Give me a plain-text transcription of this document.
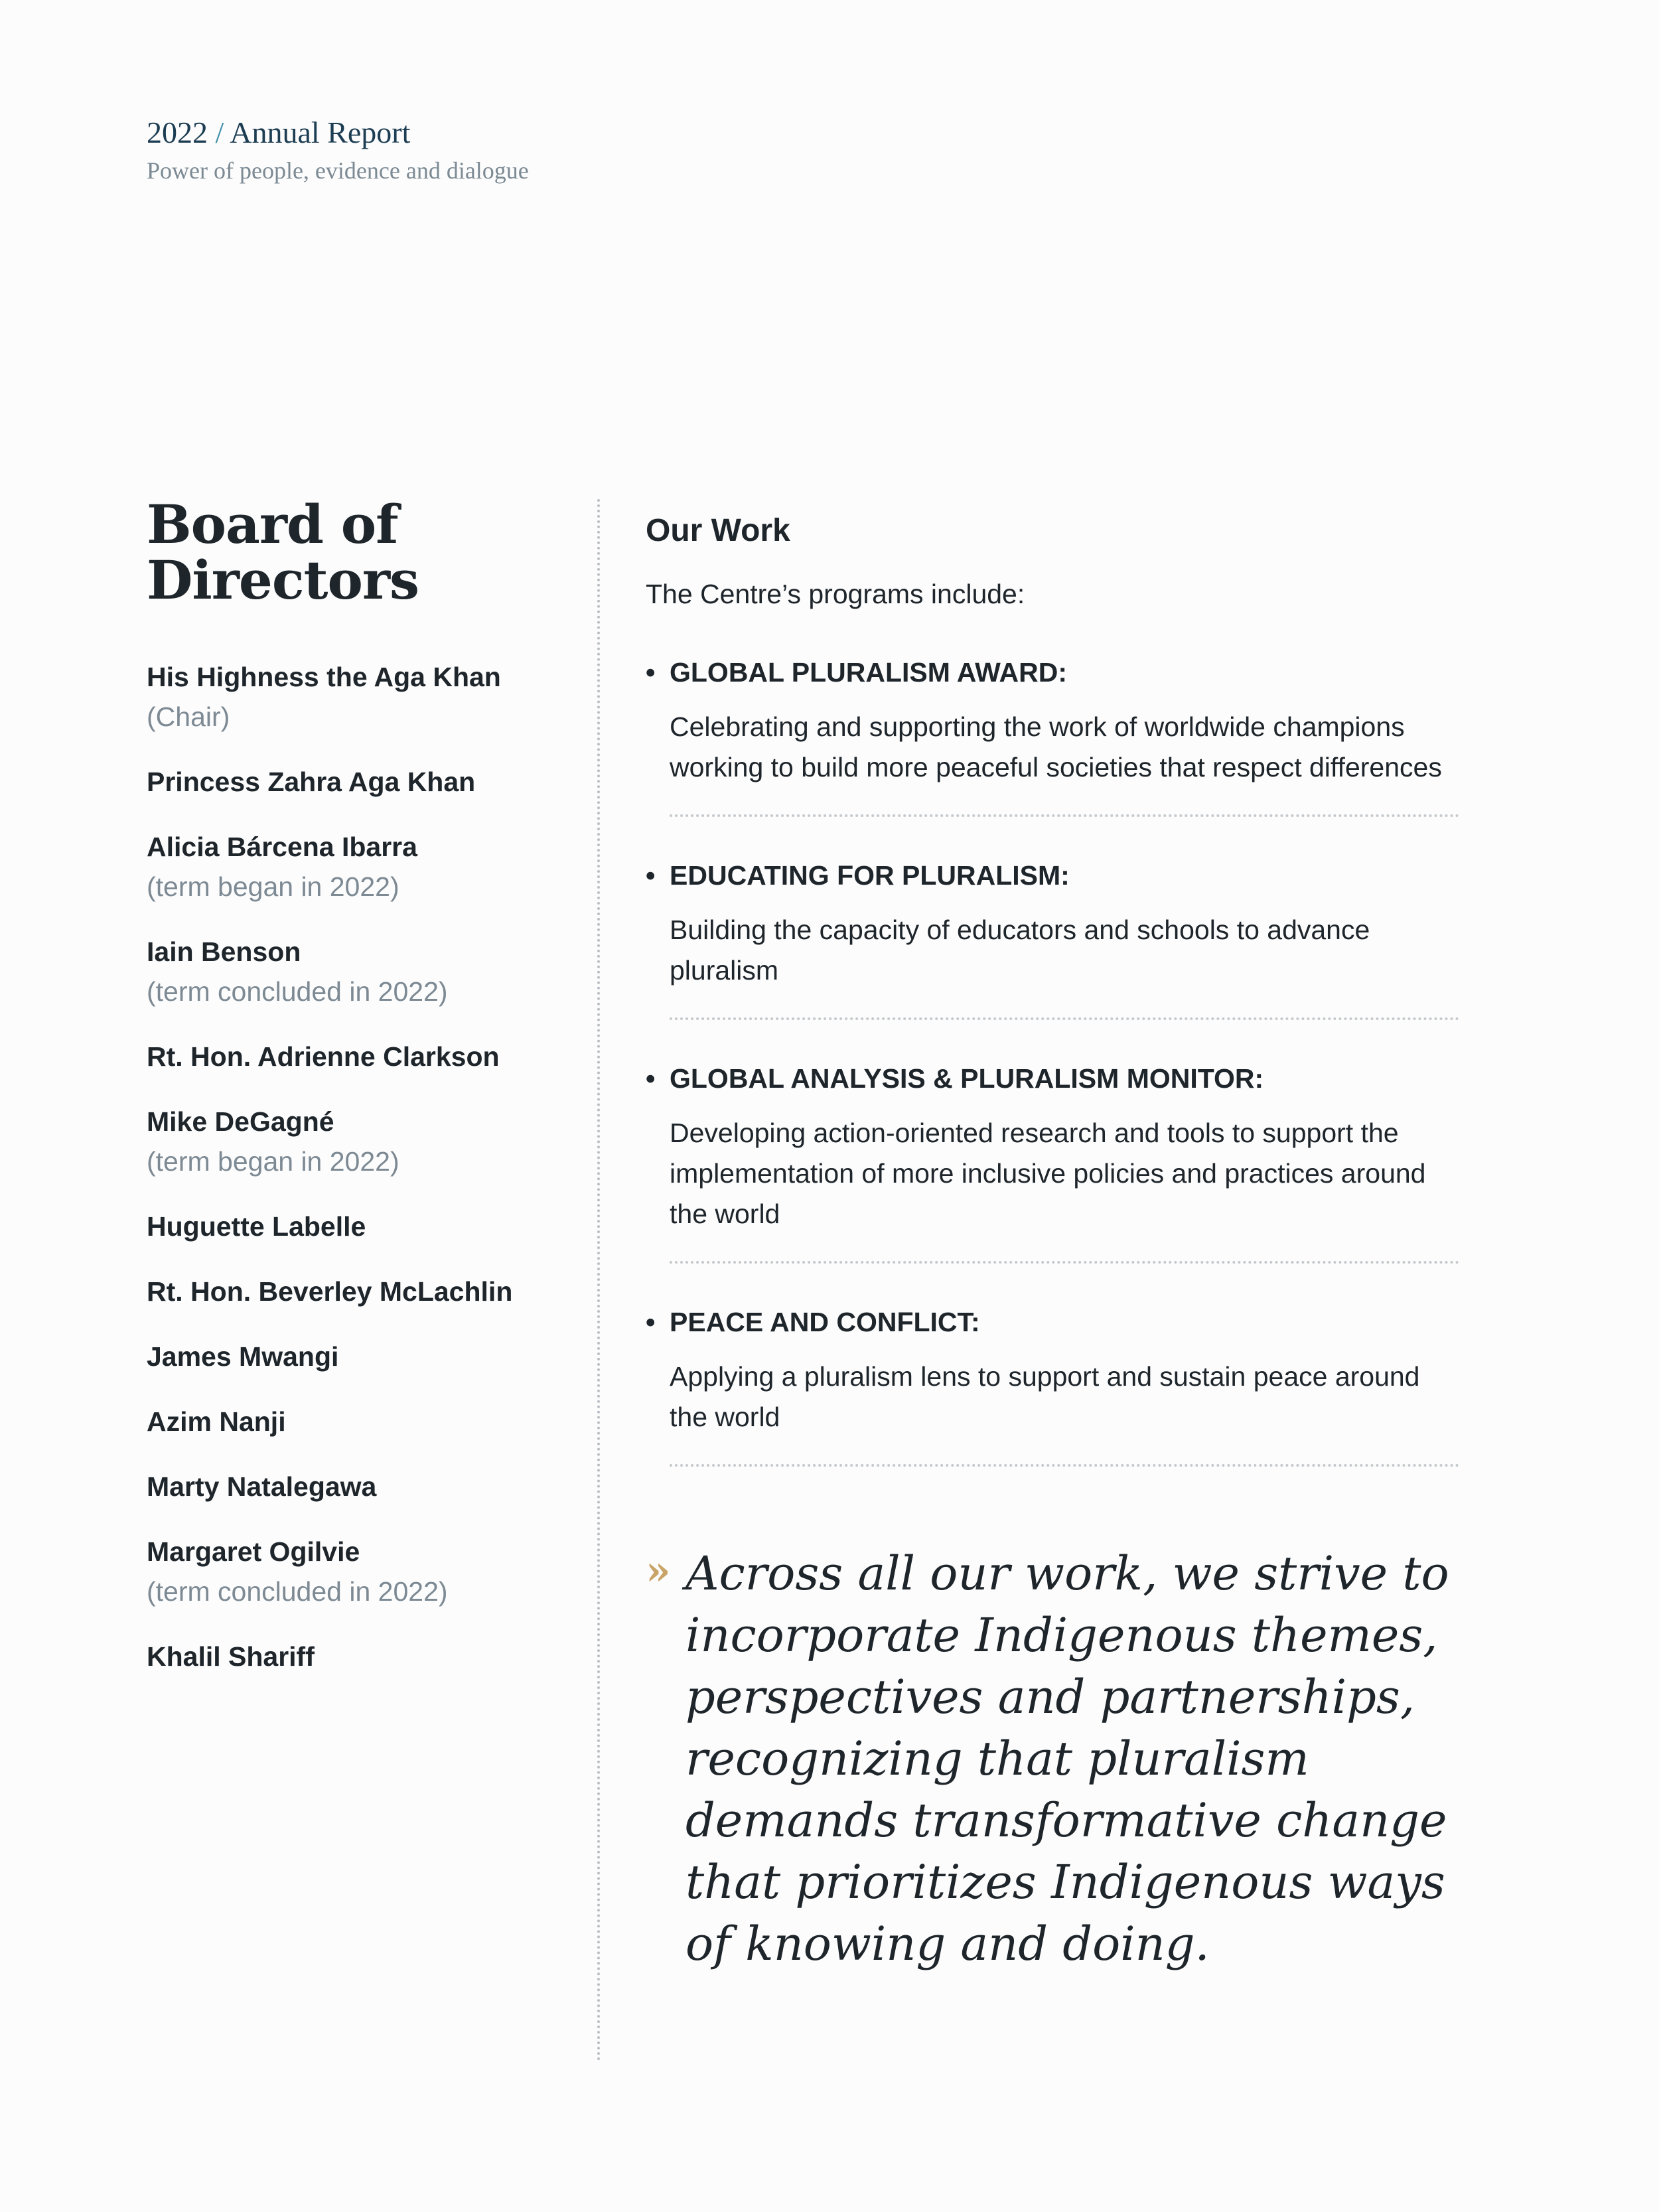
2022 / Annual Report
Power of people, evidence and dialogue
Board of
Directors
His Highness the Aga Khan
(Chair)
Princess Zahra Aga Khan
Alicia Bárcena Ibarra
(term began in 2022)
Iain Benson
(term concluded in 2022)
Rt. Hon. Adrienne Clarkson
Mike DeGagné
(term began in 2022)
Huguette Labelle
Rt. Hon. Beverley McLachlin
James Mwangi
Azim Nanji
Marty Natalegawa
Margaret Ogilvie
(term concluded in 2022)
Khalil Shariff
Our Work
The Centre’s programs include:
• GLOBAL PLURALISM AWARD:
Celebrating and supporting the work of worldwide champions working to build more peaceful societies that respect differences
• EDUCATING FOR PLURALISM:
Building the capacity of educators and schools to advance pluralism
• GLOBAL ANALYSIS & PLURALISM MONITOR:
Developing action-oriented research and tools to support the implementation of more inclusive policies and practices around the world
• PEACE AND CONFLICT:
Applying a pluralism lens to support and sustain peace around the world
» Across all our work, we strive to incorporate Indigenous themes, perspectives and partnerships, recognizing that pluralism demands transformative change that prioritizes Indigenous ways of knowing and doing.
